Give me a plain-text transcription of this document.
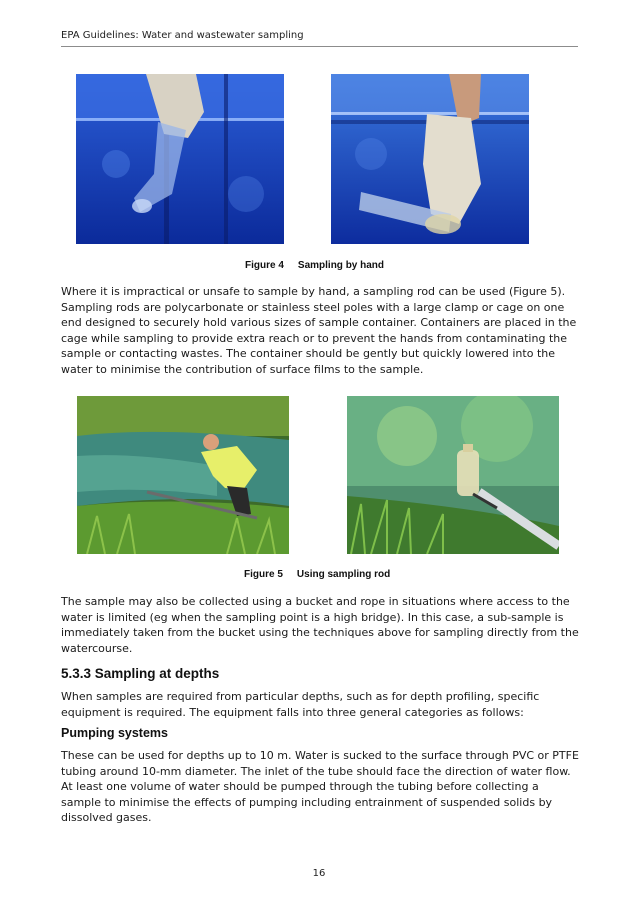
EPA Guidelines: Water and wastewater sampling
Figure 4 Sampling by hand

Where it is impractical or unsafe to sample by hand, a sampling rod can be used (Figure 5). Sampling rods are polycarbonate or stainless steel poles with a large clamp or cage on one end designed to securely hold various sizes of sample container. Containers are placed in the cage while sampling to provide extra reach or to prevent the hands from contaminating the sample or contacting wastes. The container should be gently but quickly lowered into the water to minimise the contribution of surface films to the sample.

Figure 5 Using sampling rod

The sample may also be collected using a bucket and rope in situations where access to the water is limited (eg when the sampling point is a high bridge). In this case, a sub-sample is immediately taken from the bucket using the techniques above for sampling directly from the watercourse.

5.3.3 Sampling at depths

When samples are required from particular depths, such as for depth profiling, specific equipment is required. The equipment falls into three general categories as follows:

Pumping systems

These can be used for depths up to 10 m. Water is sucked to the surface through PVC or PTFE tubing around 10-mm diameter. The inlet of the tube should face the direction of water flow. At least one volume of water should be pumped through the tubing before collecting a sample to minimise the effects of pumping including entrainment of suspended solids by dissolved gases.

16
